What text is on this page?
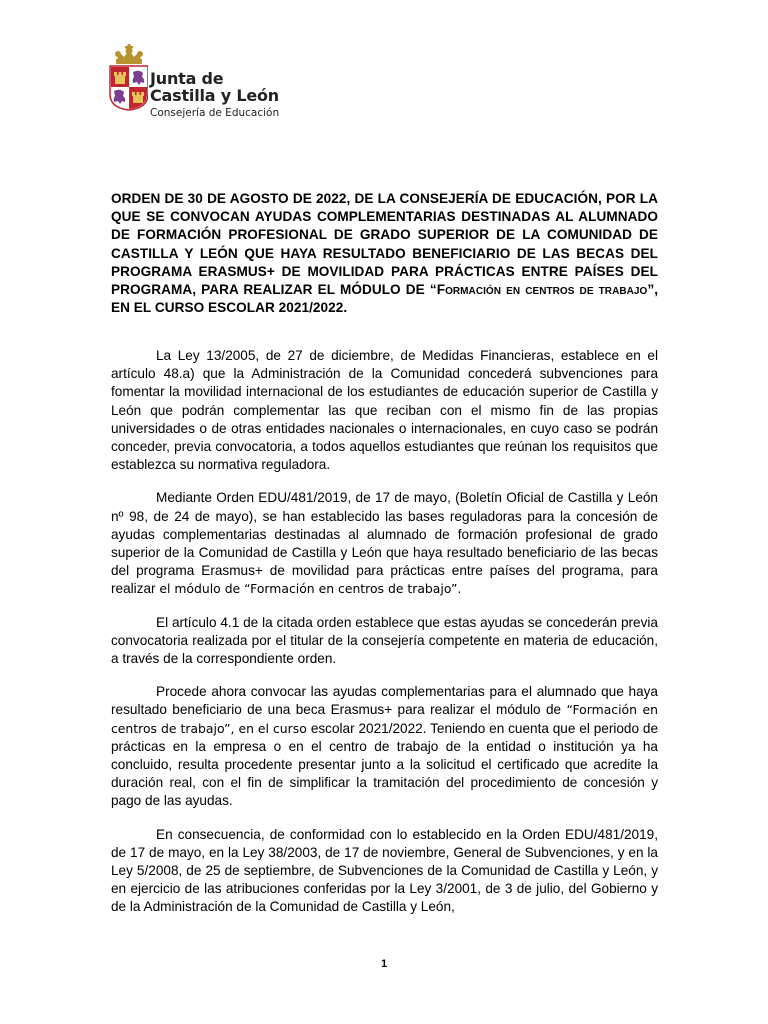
Junta de
Castilla y León
Consejería de Educación
ORDEN DE 30 DE AGOSTO DE 2022, DE LA CONSEJERÍA DE EDUCACIÓN, POR LA QUE SE CONVOCAN AYUDAS COMPLEMENTARIAS DESTINADAS AL ALUMNADO DE FORMACIÓN PROFESIONAL DE GRADO SUPERIOR DE LA COMUNIDAD DE CASTILLA Y LEÓN QUE HAYA RESULTADO BENEFICIARIO DE LAS BECAS DEL PROGRAMA ERASMUS+ DE MOVILIDAD PARA PRÁCTICAS ENTRE PAÍSES DEL PROGRAMA, PARA REALIZAR EL MÓDULO DE “Formación en centros de trabajo”, EN EL CURSO ESCOLAR 2021/2022.

La Ley 13/2005, de 27 de diciembre, de Medidas Financieras, establece en el artículo 48.a) que la Administración de la Comunidad concederá subvenciones para fomentar la movilidad internacional de los estudiantes de educación superior de Castilla y León que podrán complementar las que reciban con el mismo fin de las propias universidades o de otras entidades nacionales o internacionales, en cuyo caso se podrán conceder, previa convocatoria, a todos aquellos estudiantes que reúnan los requisitos que establezca su normativa reguladora.

Mediante Orden EDU/481/2019, de 17 de mayo, (Boletín Oficial de Castilla y León nº 98, de 24 de mayo), se han establecido las bases reguladoras para la concesión de ayudas complementarias destinadas al alumnado de formación profesional de grado superior de la Comunidad de Castilla y León que haya resultado beneficiario de las becas del programa Erasmus+ de movilidad para prácticas entre países del programa, para realizar el módulo de “Formación en centros de trabajo”.

El artículo 4.1 de la citada orden establece que estas ayudas se concederán previa convocatoria realizada por el titular de la consejería competente en materia de educación, a través de la correspondiente orden.

Procede ahora convocar las ayudas complementarias para el alumnado que haya resultado beneficiario de una beca Erasmus+ para realizar el módulo de “Formación en centros de trabajo”, en el curso escolar 2021/2022. Teniendo en cuenta que el periodo de prácticas en la empresa o en el centro de trabajo de la entidad o institución ya ha concluido, resulta procedente presentar junto a la solicitud el certificado que acredite la duración real, con el fin de simplificar la tramitación del procedimiento de concesión y pago de las ayudas.

En consecuencia, de conformidad con lo establecido en la Orden EDU/481/2019, de 17 de mayo, en la Ley 38/2003, de 17 de noviembre, General de Subvenciones, y en la Ley 5/2008, de 25 de septiembre, de Subvenciones de la Comunidad de Castilla y León, y en ejercicio de las atribuciones conferidas por la Ley 3/2001, de 3 de julio, del Gobierno y de la Administración de la Comunidad de Castilla y León,

1
